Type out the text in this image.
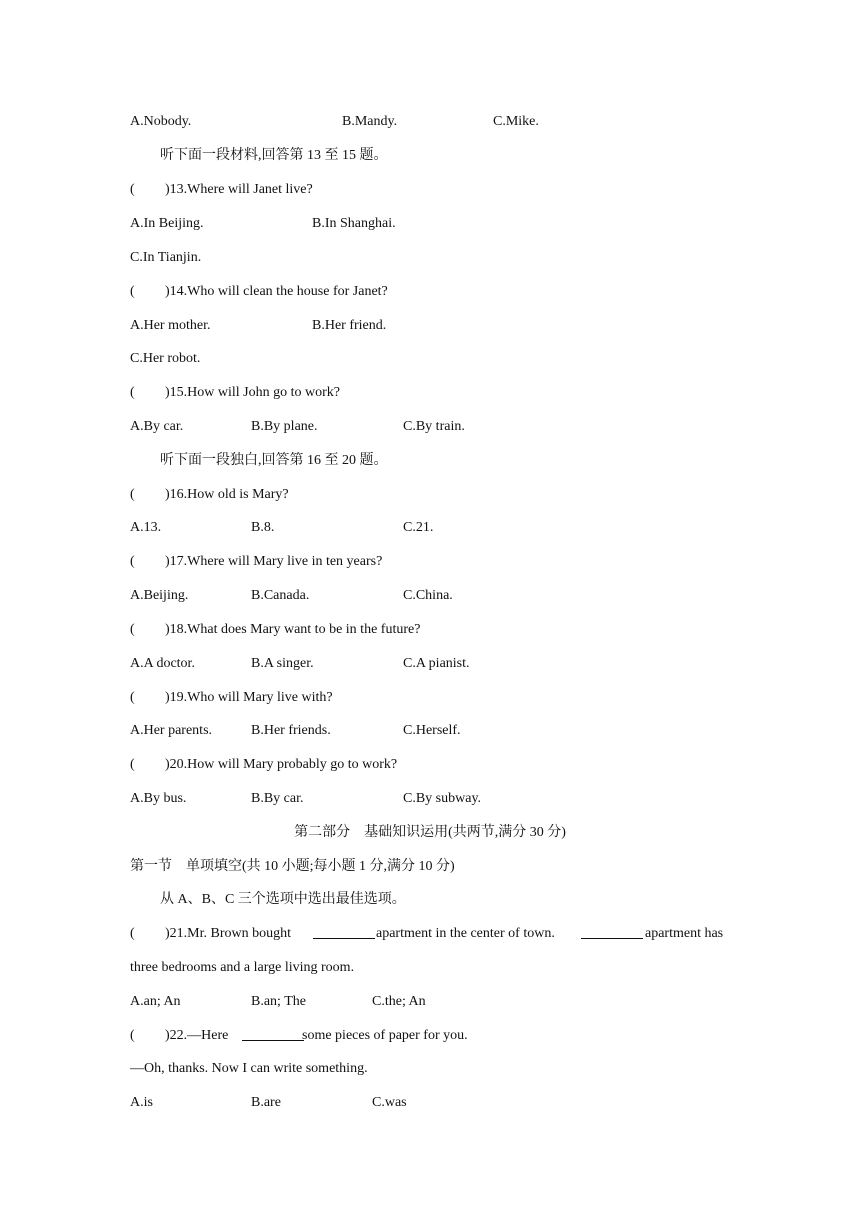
A.Nobody.	B.Mandy.	C.Mike.
听下面一段材料,回答第 13 至 15 题。
( )13.Where will Janet live?
A.In Beijing.	B.In Shanghai.
C.In Tianjin.
( )14.Who will clean the house for Janet?
A.Her mother.	B.Her friend.
C.Her robot.
( )15.How will John go to work?
A.By car.	B.By plane.	C.By train.
听下面一段独白,回答第 16 至 20 题。
( )16.How old is Mary?
A.13.	B.8.	C.21.
( )17.Where will Mary live in ten years?
A.Beijing.	B.Canada.	C.China.
( )18.What does Mary want to be in the future?
A.A doctor.	B.A singer.	C.A pianist.
( )19.Who will Mary live with?
A.Her parents.	B.Her friends.	C.Herself.
( )20.How will Mary probably go to work?
A.By bus.	B.By car.	C.By subway.
第二部分　基础知识运用(共两节,满分 30 分)
第一节　单项填空(共 10 小题;每小题 1 分,满分 10 分)
从 A、B、C 三个选项中选出最佳选项。
( )21.Mr. Brown bought	apartment in the center of town.	apartment has
three bedrooms and a large living room.
A.an; An	B.an; The	C.the; An
( )22.—Here	some pieces of paper for you.
—Oh, thanks. Now I can write something.
A.is	B.are	C.was
